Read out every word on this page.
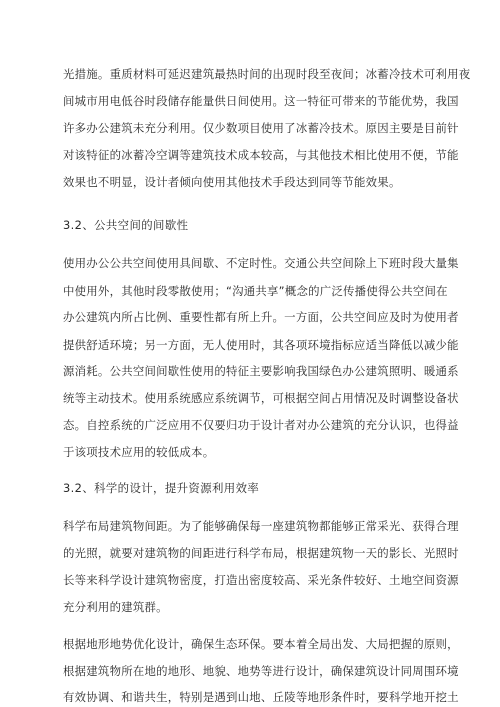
光措施。重质材料可延迟建筑最热时间的出现时段至夜间；冰蓄冷技术可利用夜
间城市用电低谷时段储存能量供日间使用。这一特征可带来的节能优势，我国
许多办公建筑未充分利用。仅少数项目使用了冰蓄冷技术。原因主要是目前针
对该特征的冰蓄冷空调等建筑技术成本较高，与其他技术相比使用不便，节能
效果也不明显，设计者倾向使用其他技术手段达到同等节能效果。
3.2、公共空间的间歇性
使用办公公共空间使用具间歇、不定时性。交通公共空间除上下班时段大量集
中使用外，其他时段零散使用；“沟通共享”概念的广泛传播使得公共空间在
办公建筑内所占比例、重要性都有所上升。一方面，公共空间应及时为使用者
提供舒适环境；另一方面，无人使用时，其各项环境指标应适当降低以减少能
源消耗。公共空间间歇性使用的特征主要影响我国绿色办公建筑照明、暖通系
统等主动技术。使用系统感应系统调节，可根据空间占用情况及时调整设备状
态。自控系统的广泛应用不仅要归功于设计者对办公建筑的充分认识，也得益
于该项技术应用的较低成本。
3.2、科学的设计，提升资源利用效率
科学布局建筑物间距。为了能够确保每一座建筑物都能够正常采光、获得合理
的光照，就要对建筑物的间距进行科学布局，根据建筑物一天的影长、光照时
长等来科学设计建筑物密度，打造出密度较高、采光条件较好、土地空间资源
充分利用的建筑群。
根据地形地势优化设计，确保生态环保。要本着全局出发、大局把握的原则，
根据建筑物所在地的地形、地貌、地势等进行设计，确保建筑设计同周围环境
有效协调、和谐共生，特别是遇到山地、丘陵等地形条件时，要科学地开挖土
